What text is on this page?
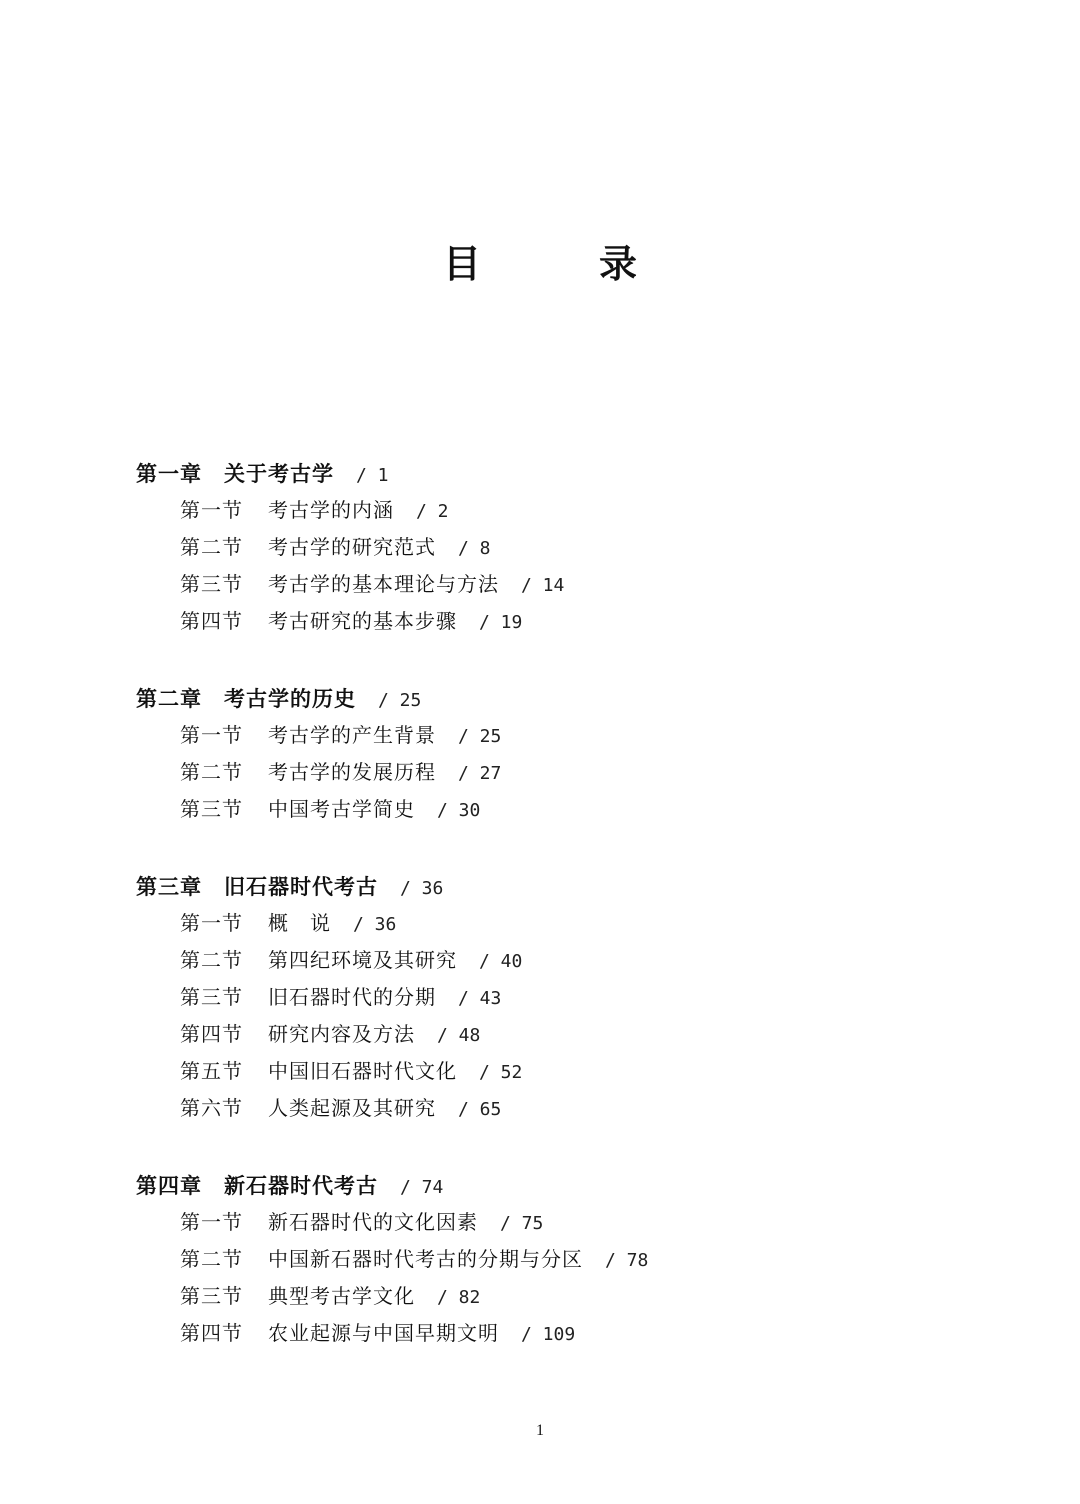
目　录
第一章 关于考古学 / 1
第一节 考古学的内涵 / 2
第二节 考古学的研究范式 / 8
第三节 考古学的基本理论与方法 / 14
第四节 考古研究的基本步骤 / 19
第二章 考古学的历史 / 25
第一节 考古学的产生背景 / 25
第二节 考古学的发展历程 / 27
第三节 中国考古学简史 / 30
第三章 旧石器时代考古 / 36
第一节 概　说 / 36
第二节 第四纪环境及其研究 / 40
第三节 旧石器时代的分期 / 43
第四节 研究内容及方法 / 48
第五节 中国旧石器时代文化 / 52
第六节 人类起源及其研究 / 65
第四章 新石器时代考古 / 74
第一节 新石器时代的文化因素 / 75
第二节 中国新石器时代考古的分期与分区 / 78
第三节 典型考古学文化 / 82
第四节 农业起源与中国早期文明 / 109
1
